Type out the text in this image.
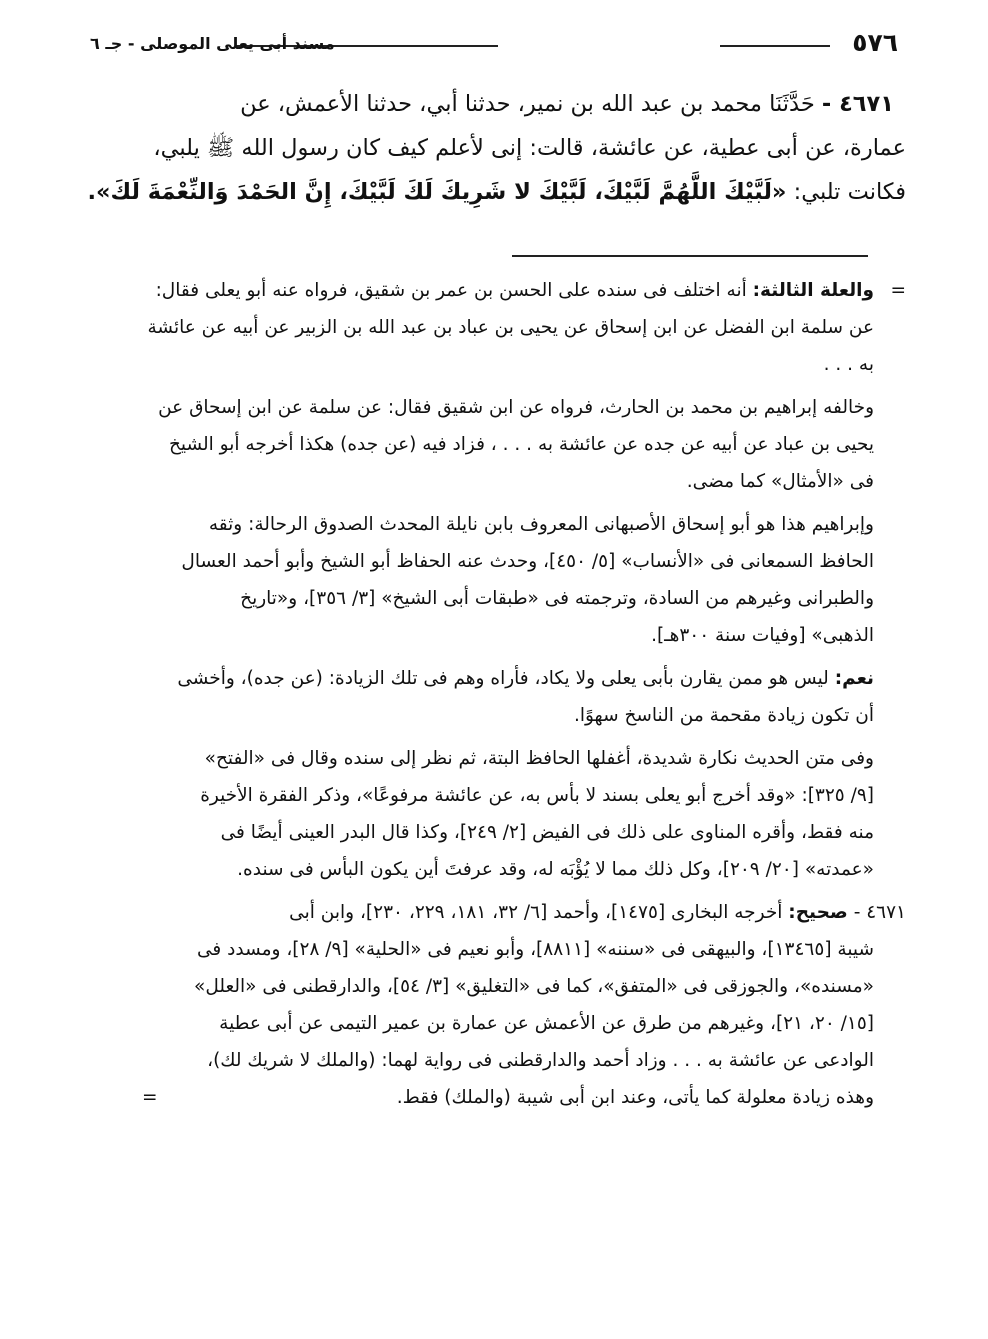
٥٧٦
مسند أبى يعلى الموصلى - جـ ٦
٤٦٧١ - حَدَّثَنَا محمد بن عبد الله بن نمير، حدثنا أبي، حدثنا الأعمش، عن
عمارة، عن أبى عطية، عن عائشة، قالت: إنى لأعلم كيف كان رسول الله ﷺ يلبي،
فكانت تلبي: «لَبَّيْكَ اللَّهُمَّ لَبَّيْكَ، لَبَّيْكَ لا شَرِيكَ لَكَ لَبَّيْكَ، إِنَّ الحَمْدَ وَالنِّعْمَةَ لَكَ».
=
والعلة الثالثة: أنه اختلف فى سنده على الحسن بن عمر بن شقيق، فرواه عنه أبو يعلى فقال:
عن سلمة ابن الفضل عن ابن إسحاق عن يحيى بن عباد بن عبد الله بن الزبير عن أبيه عن عائشة
به . . .
وخالفه إبراهيم بن محمد بن الحارث، فرواه عن ابن شقيق فقال: عن سلمة عن ابن إسحاق عن
يحيى بن عباد عن أبيه عن جده عن عائشة به . . . ، فزاد فيه (عن جده) هكذا أخرجه أبو الشيخ
فى «الأمثال» كما مضى.
وإبراهيم هذا هو أبو إسحاق الأصبهانى المعروف بابن نايلة المحدث الصدوق الرحالة: وثقه
الحافظ السمعانى فى «الأنساب» [٥/ ٤٥٠]، وحدث عنه الحفاظ أبو الشيخ وأبو أحمد العسال
والطبرانى وغيرهم من السادة، وترجمته فى «طبقات أبى الشيخ» [٣/ ٣٥٦]، و«تاريخ
الذهبى» [وفيات سنة ٣٠٠هـ].
نعم: ليس هو ممن يقارن بأبى يعلى ولا يكاد، فأراه وهم فى تلك الزيادة: (عن جده)، وأخشى
أن تكون زيادة مقحمة من الناسخ سهوًا.
وفى متن الحديث نكارة شديدة، أغفلها الحافظ البتة، ثم نظر إلى سنده وقال فى «الفتح»
[٩/ ٣٢٥]: «وقد أخرج أبو يعلى بسند لا بأس به، عن عائشة مرفوعًا»، وذكر الفقرة الأخيرة
منه فقط، وأقره المناوى على ذلك فى الفيض [٢/ ٢٤٩]، وكذا قال البدر العينى أيضًا فى
«عمدته» [٢٠/ ٢٠٩]، وكل ذلك مما لا يُؤْبَه له، وقد عرفتَ أين يكون البأس فى سنده.
٤٦٧١ - صحيح: أخرجه البخارى [١٤٧٥]، وأحمد [٦/ ٣٢، ١٨١، ٢٢٩، ٢٣٠]، وابن أبى
شيبة [١٣٤٦٥]، والبيهقى فى «سننه» [٨٨١١]، وأبو نعيم فى «الحلية» [٩/ ٢٨]، ومسدد فى
«مسنده»، والجوزقى فى «المتفق»، كما فى «التغليق» [٣/ ٥٤]، والدارقطنى فى «العلل»
[١٥/ ٢٠، ٢١]، وغيرهم من طرق عن الأعمش عن عمارة بن عمير التيمى عن أبى عطية
الوادعى عن عائشة به . . . وزاد أحمد والدارقطنى فى رواية لهما: (والملك لا شريك لك)،
وهذه زيادة معلولة كما يأتى، وعند ابن أبى شيبة (والملك) فقط.
=
